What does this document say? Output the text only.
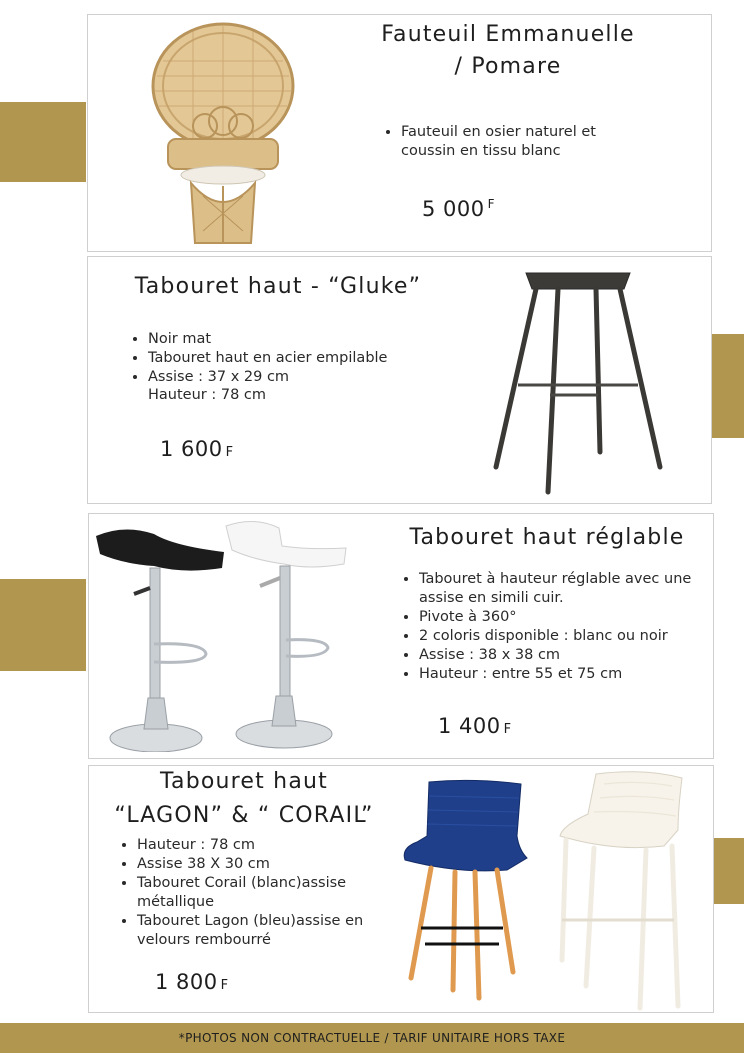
Fauteuil Emmanuelle
/ Pomare
• Fauteuil en osier naturel et coussin en tissu blanc
5 000 $^F$
Tabouret haut - “Gluke”
• Noir mat
• Tabouret haut en acier empilable
• Assise : 37 x 29 cm
Hauteur : 78 cm
1 600 F
Tabouret haut réglable
• Tabouret à hauteur réglable avec une assise en simili cuir.
• Pivote à 360°
• 2 coloris disponible : blanc ou noir
• Assise : 38 x 38 cm
• Hauteur : entre 55 et 75 cm
1 400 F
Tabouret haut
“LAGON” & “ CORAIL”
• Hauteur : 78 cm
• Assise 38 X 30 cm
• Tabouret Corail (blanc)assise métallique
• Tabouret Lagon (bleu)assise en velours rembourré
1 800 F
*PHOTOS NON CONTRACTUELLE / TARIF UNITAIRE HORS TAXE
